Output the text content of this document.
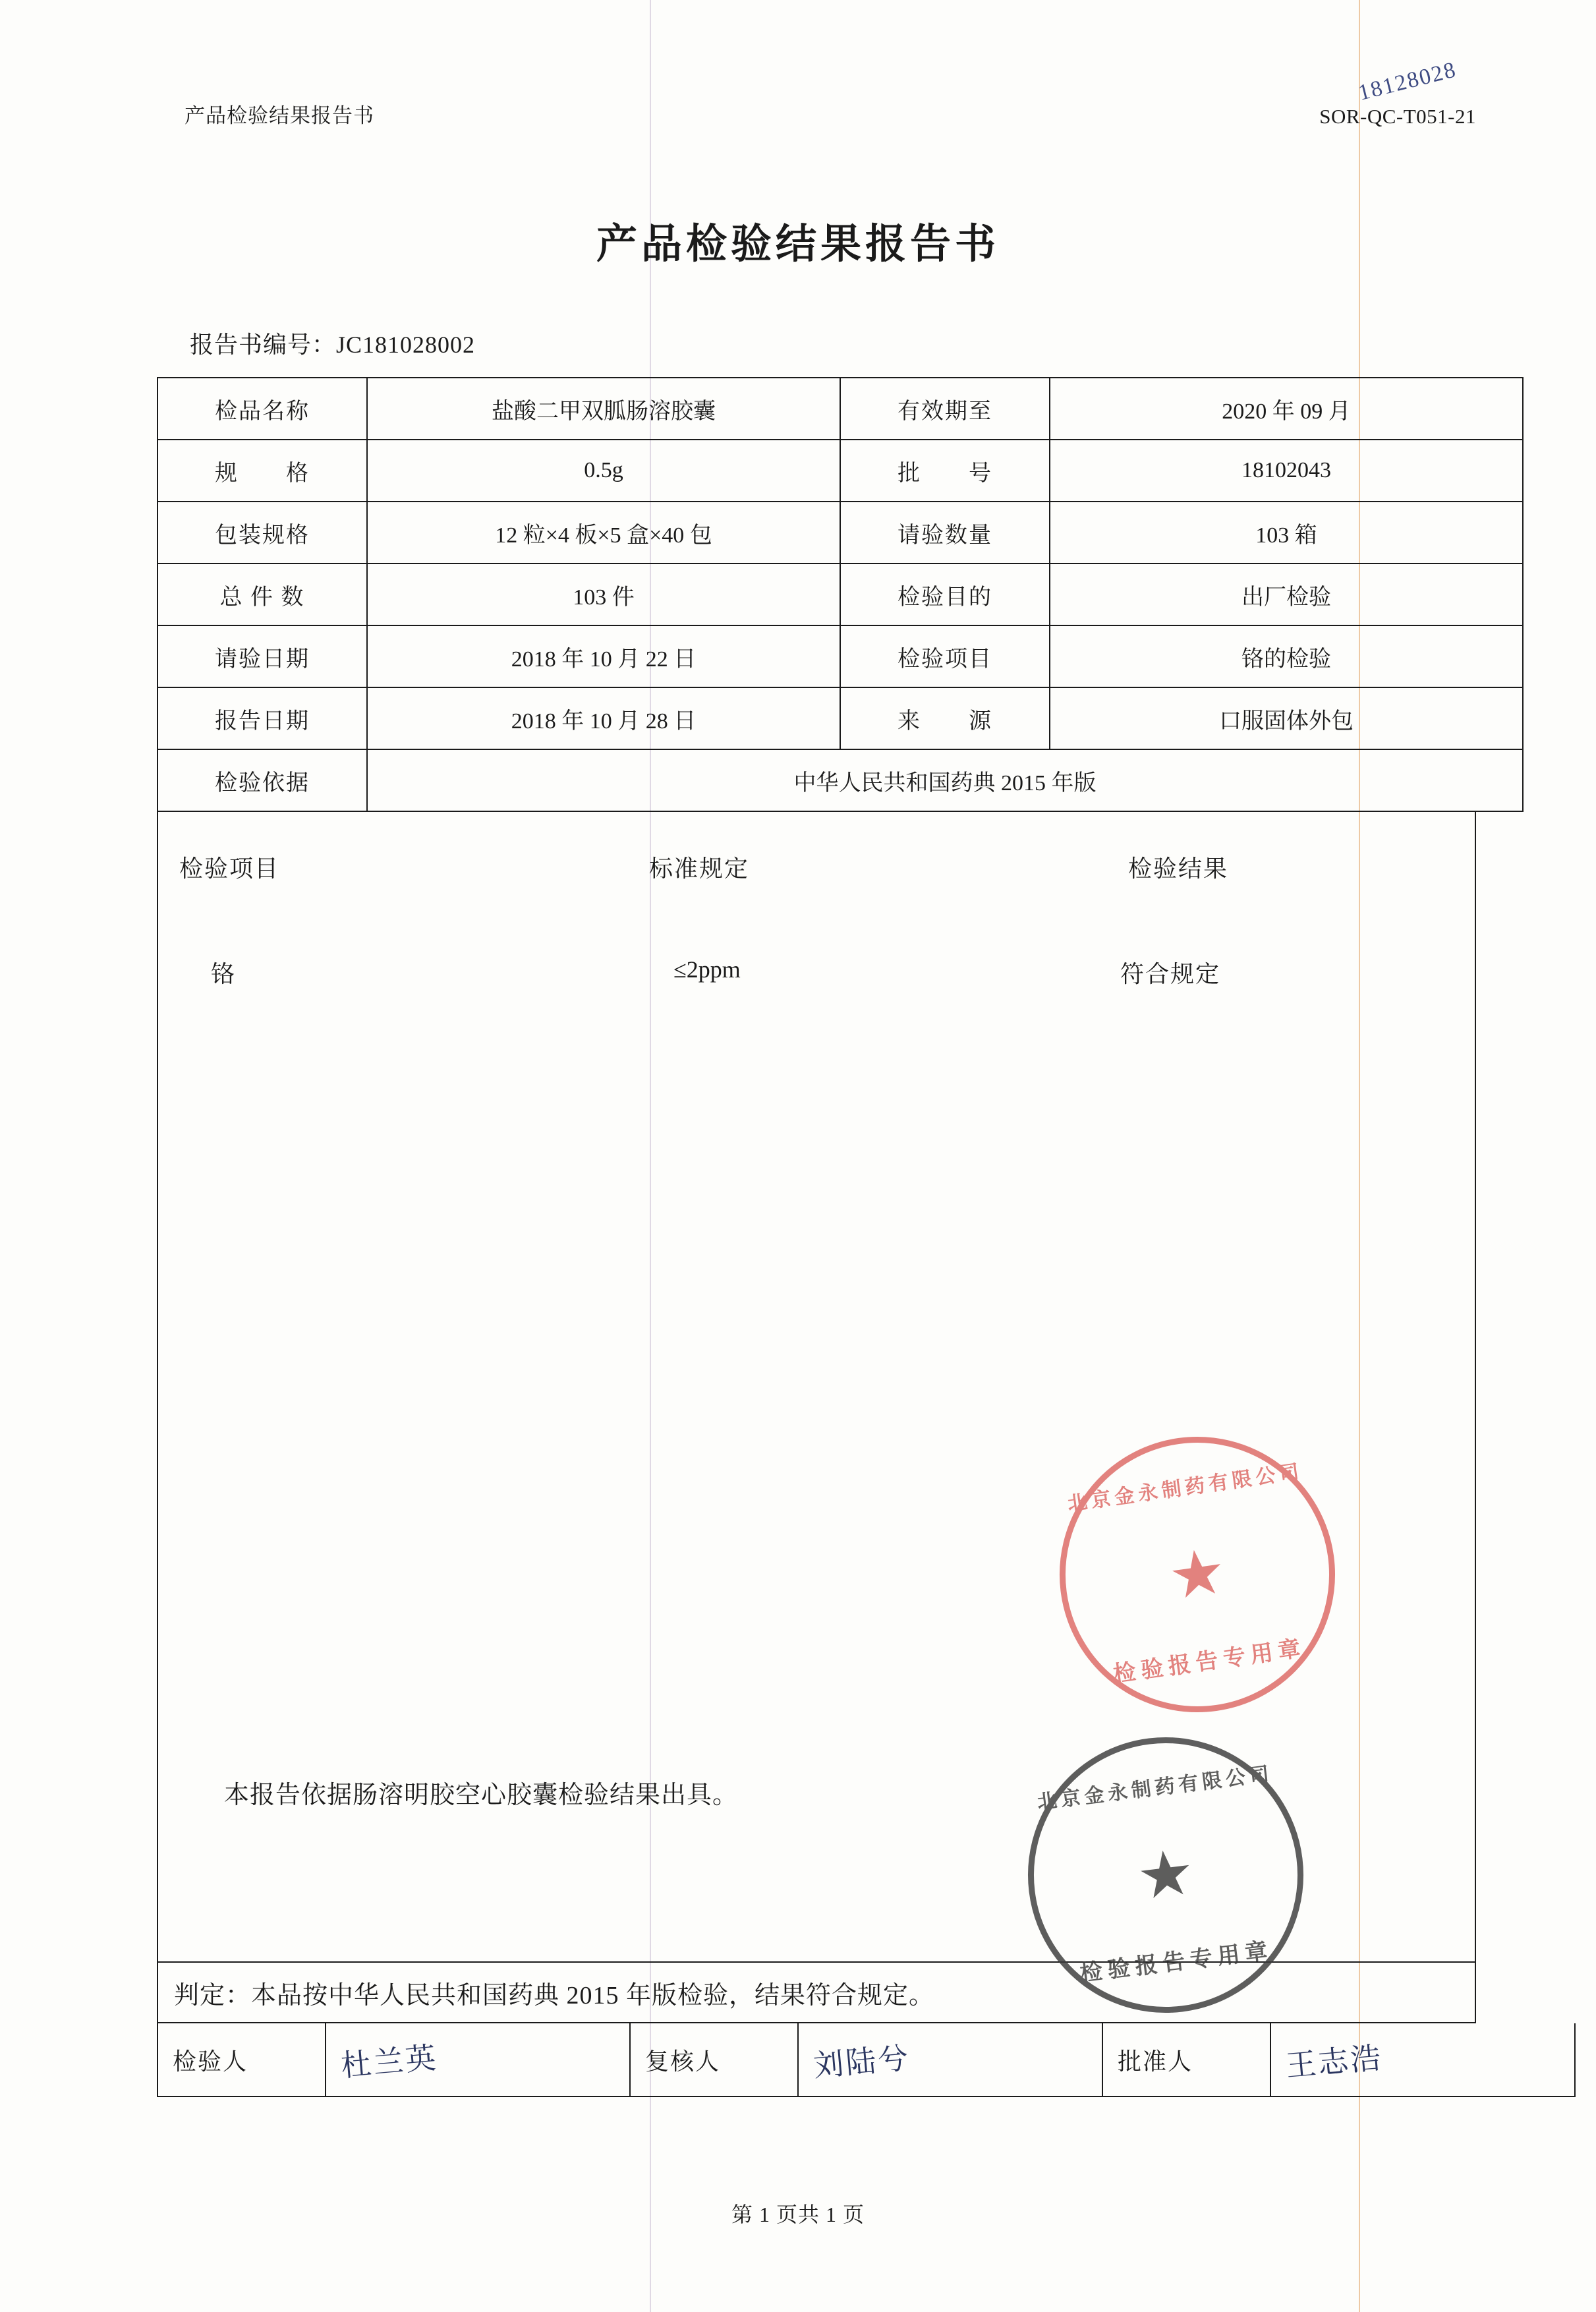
18128028
产品检验结果报告书	SOR-QC-T051-21
产品检验结果报告书
报告书编号：JC181028002
检品名称	盐酸二甲双胍肠溶胶囊	有效期至	2020 年 09 月
规　　格	0.5g	批　　号	18102043
包装规格	12 粒×4 板×5 盒×40 包	请验数量	103 箱
总 件 数	103 件	检验目的	出厂检验
请验日期	2018 年 10 月 22 日	检验项目	铬的检验
报告日期	2018 年 10 月 28 日	来　　源	口服固体外包
检验依据	中华人民共和国药典 2015 年版		
检验项目	标准规定	检验结果
铬	≤2ppm	符合规定
本报告依据肠溶明胶空心胶囊检验结果出具。
北京金永制药有限公司
★
检验报告专用章
北京金永制药有限公司
★
检验报告专用章
判定：本品按中华人民共和国药典 2015 年版检验，结果符合规定。
检验人	杜兰英	复核人	刘陆兮	批准人	王志浩
第 1 页共 1 页
